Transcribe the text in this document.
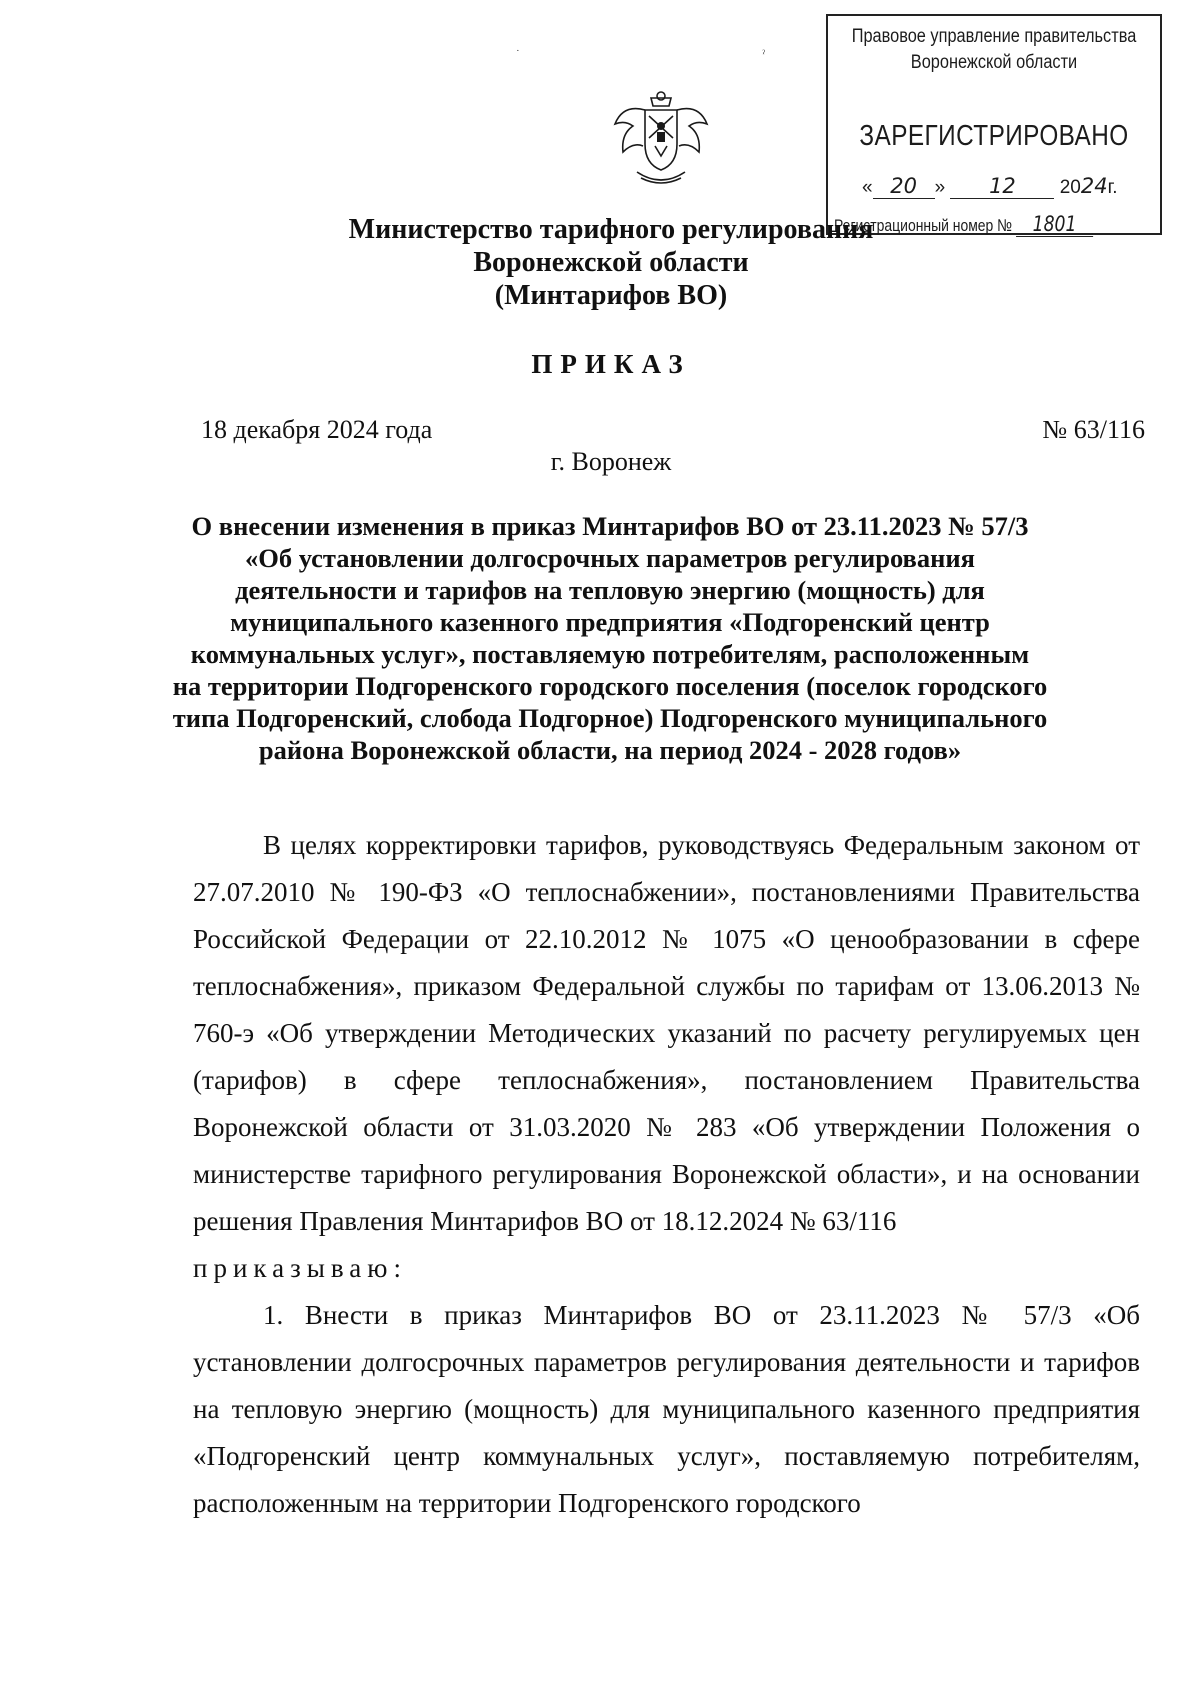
˙ ˀ
Правовое управление правительства
Воронежской области
ЗАРЕГИСТРИРОВАНО
« 20 » 12 2024г.
Регистрационный номер № 1801
Министерство тарифного регулирования
Воронежской области
(Минтарифов ВО)
ПРИКАЗ
18 декабря 2024 года	№ 63/116
г. Воронеж
О внесении изменения в приказ Минтарифов ВО от 23.11.2023 № 57/3
«Об установлении долгосрочных параметров регулирования
деятельности и тарифов на тепловую энергию (мощность) для
муниципального казенного предприятия «Подгоренский центр
коммунальных услуг», поставляемую потребителям, расположенным
на территории Подгоренского городского поселения (поселок городского
типа Подгоренский, слобода Подгорное) Подгоренского муниципального
района Воронежской области, на период 2024 - 2028 годов»

В целях корректировки тарифов, руководствуясь Федеральным законом от 27.07.2010 № 190-ФЗ «О теплоснабжении», постановлениями Правительства Российской Федерации от 22.10.2012 № 1075 «О ценообразовании в сфере теплоснабжения», приказом Федеральной службы по тарифам от 13.06.2013 № 760-э «Об утверждении Методических указаний по расчету регулируемых цен (тарифов) в сфере теплоснабжения», постановлением Правительства Воронежской области от 31.03.2020 № 283 «Об утверждении Положения о министерстве тарифного регулирования Воронежской области», и на основании решения Правления Минтарифов ВО от 18.12.2024 № 63/116

приказываю:

1. Внести в приказ Минтарифов ВО от 23.11.2023 № 57/3 «Об установлении долгосрочных параметров регулирования деятельности и тарифов на тепловую энергию (мощность) для муниципального казенного предприятия «Подгоренский центр коммунальных услуг», поставляемую потребителям, расположенным на территории Подгоренского городского
